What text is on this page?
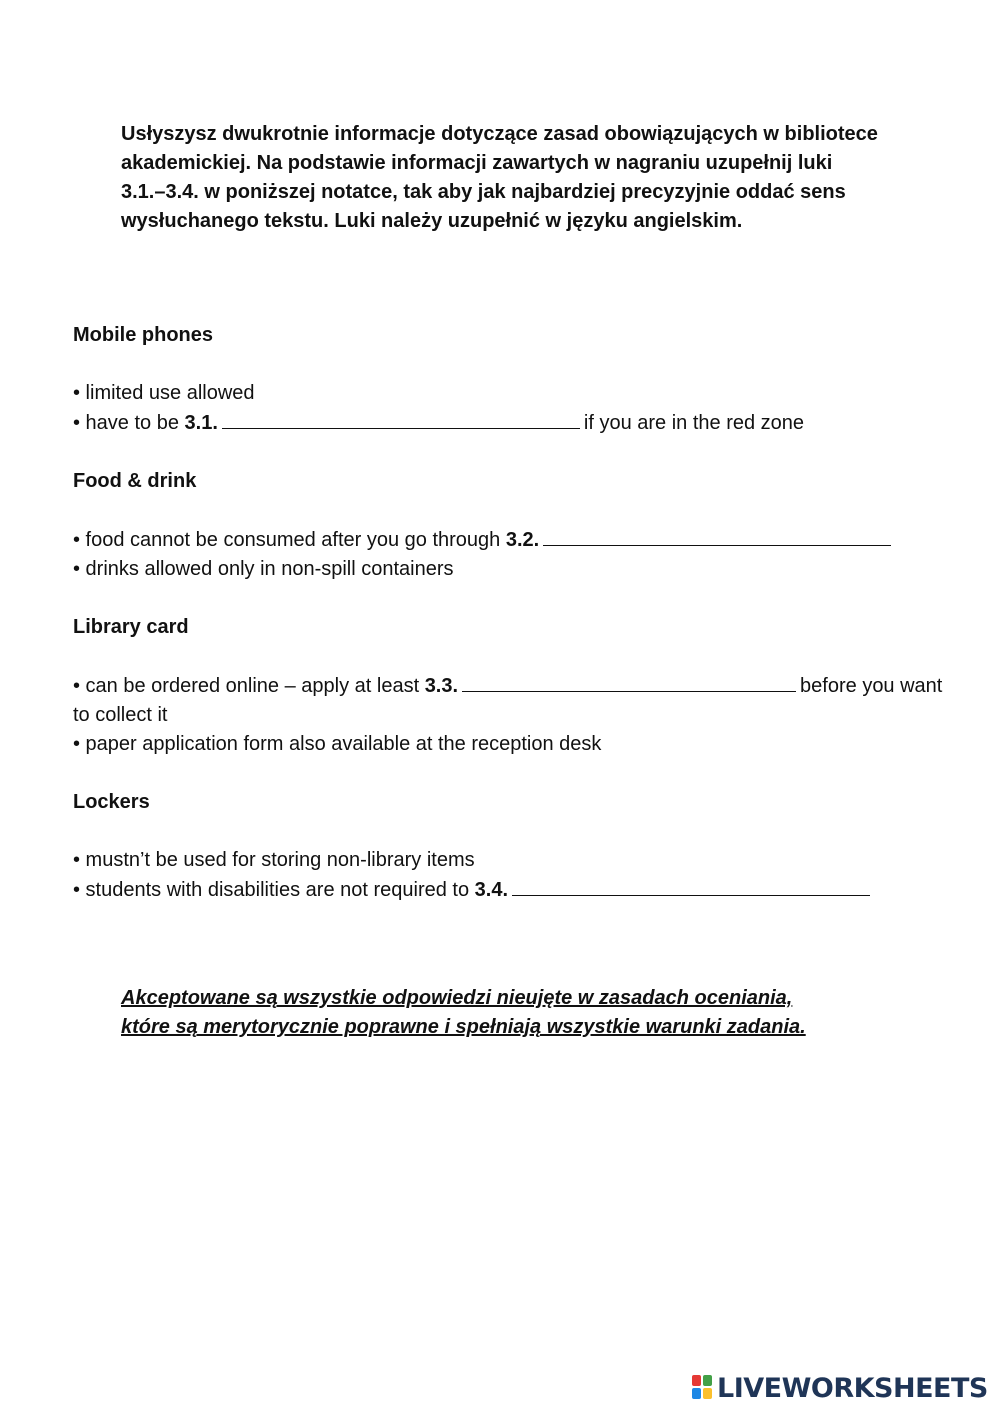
Usłyszysz dwukrotnie informacje dotyczące zasad obowiązujących w bibliotece akademickiej. Na podstawie informacji zawartych w nagraniu uzupełnij luki 3.1.–3.4. w poniższej notatce, tak aby jak najbardziej precyzyjnie oddać sens wysłuchanego tekstu. Luki należy uzupełnić w języku angielskim.

Mobile phones

• limited use allowed
• have to be 3.1.	if you are in the red zone

Food & drink

• food cannot be consumed after you go through 3.2.
• drinks allowed only in non-spill containers

Library card

• can be ordered online – apply at least 3.3.	before you want to collect it
• paper application form also available at the reception desk

Lockers

• mustn’t be used for storing non-library items
• students with disabilities are not required to 3.4.
Akceptowane są wszystkie odpowiedzi nieujęte w zasadach oceniania,
które są merytorycznie poprawne i spełniają wszystkie warunki zadania.
LIVEWORKSHEETS
